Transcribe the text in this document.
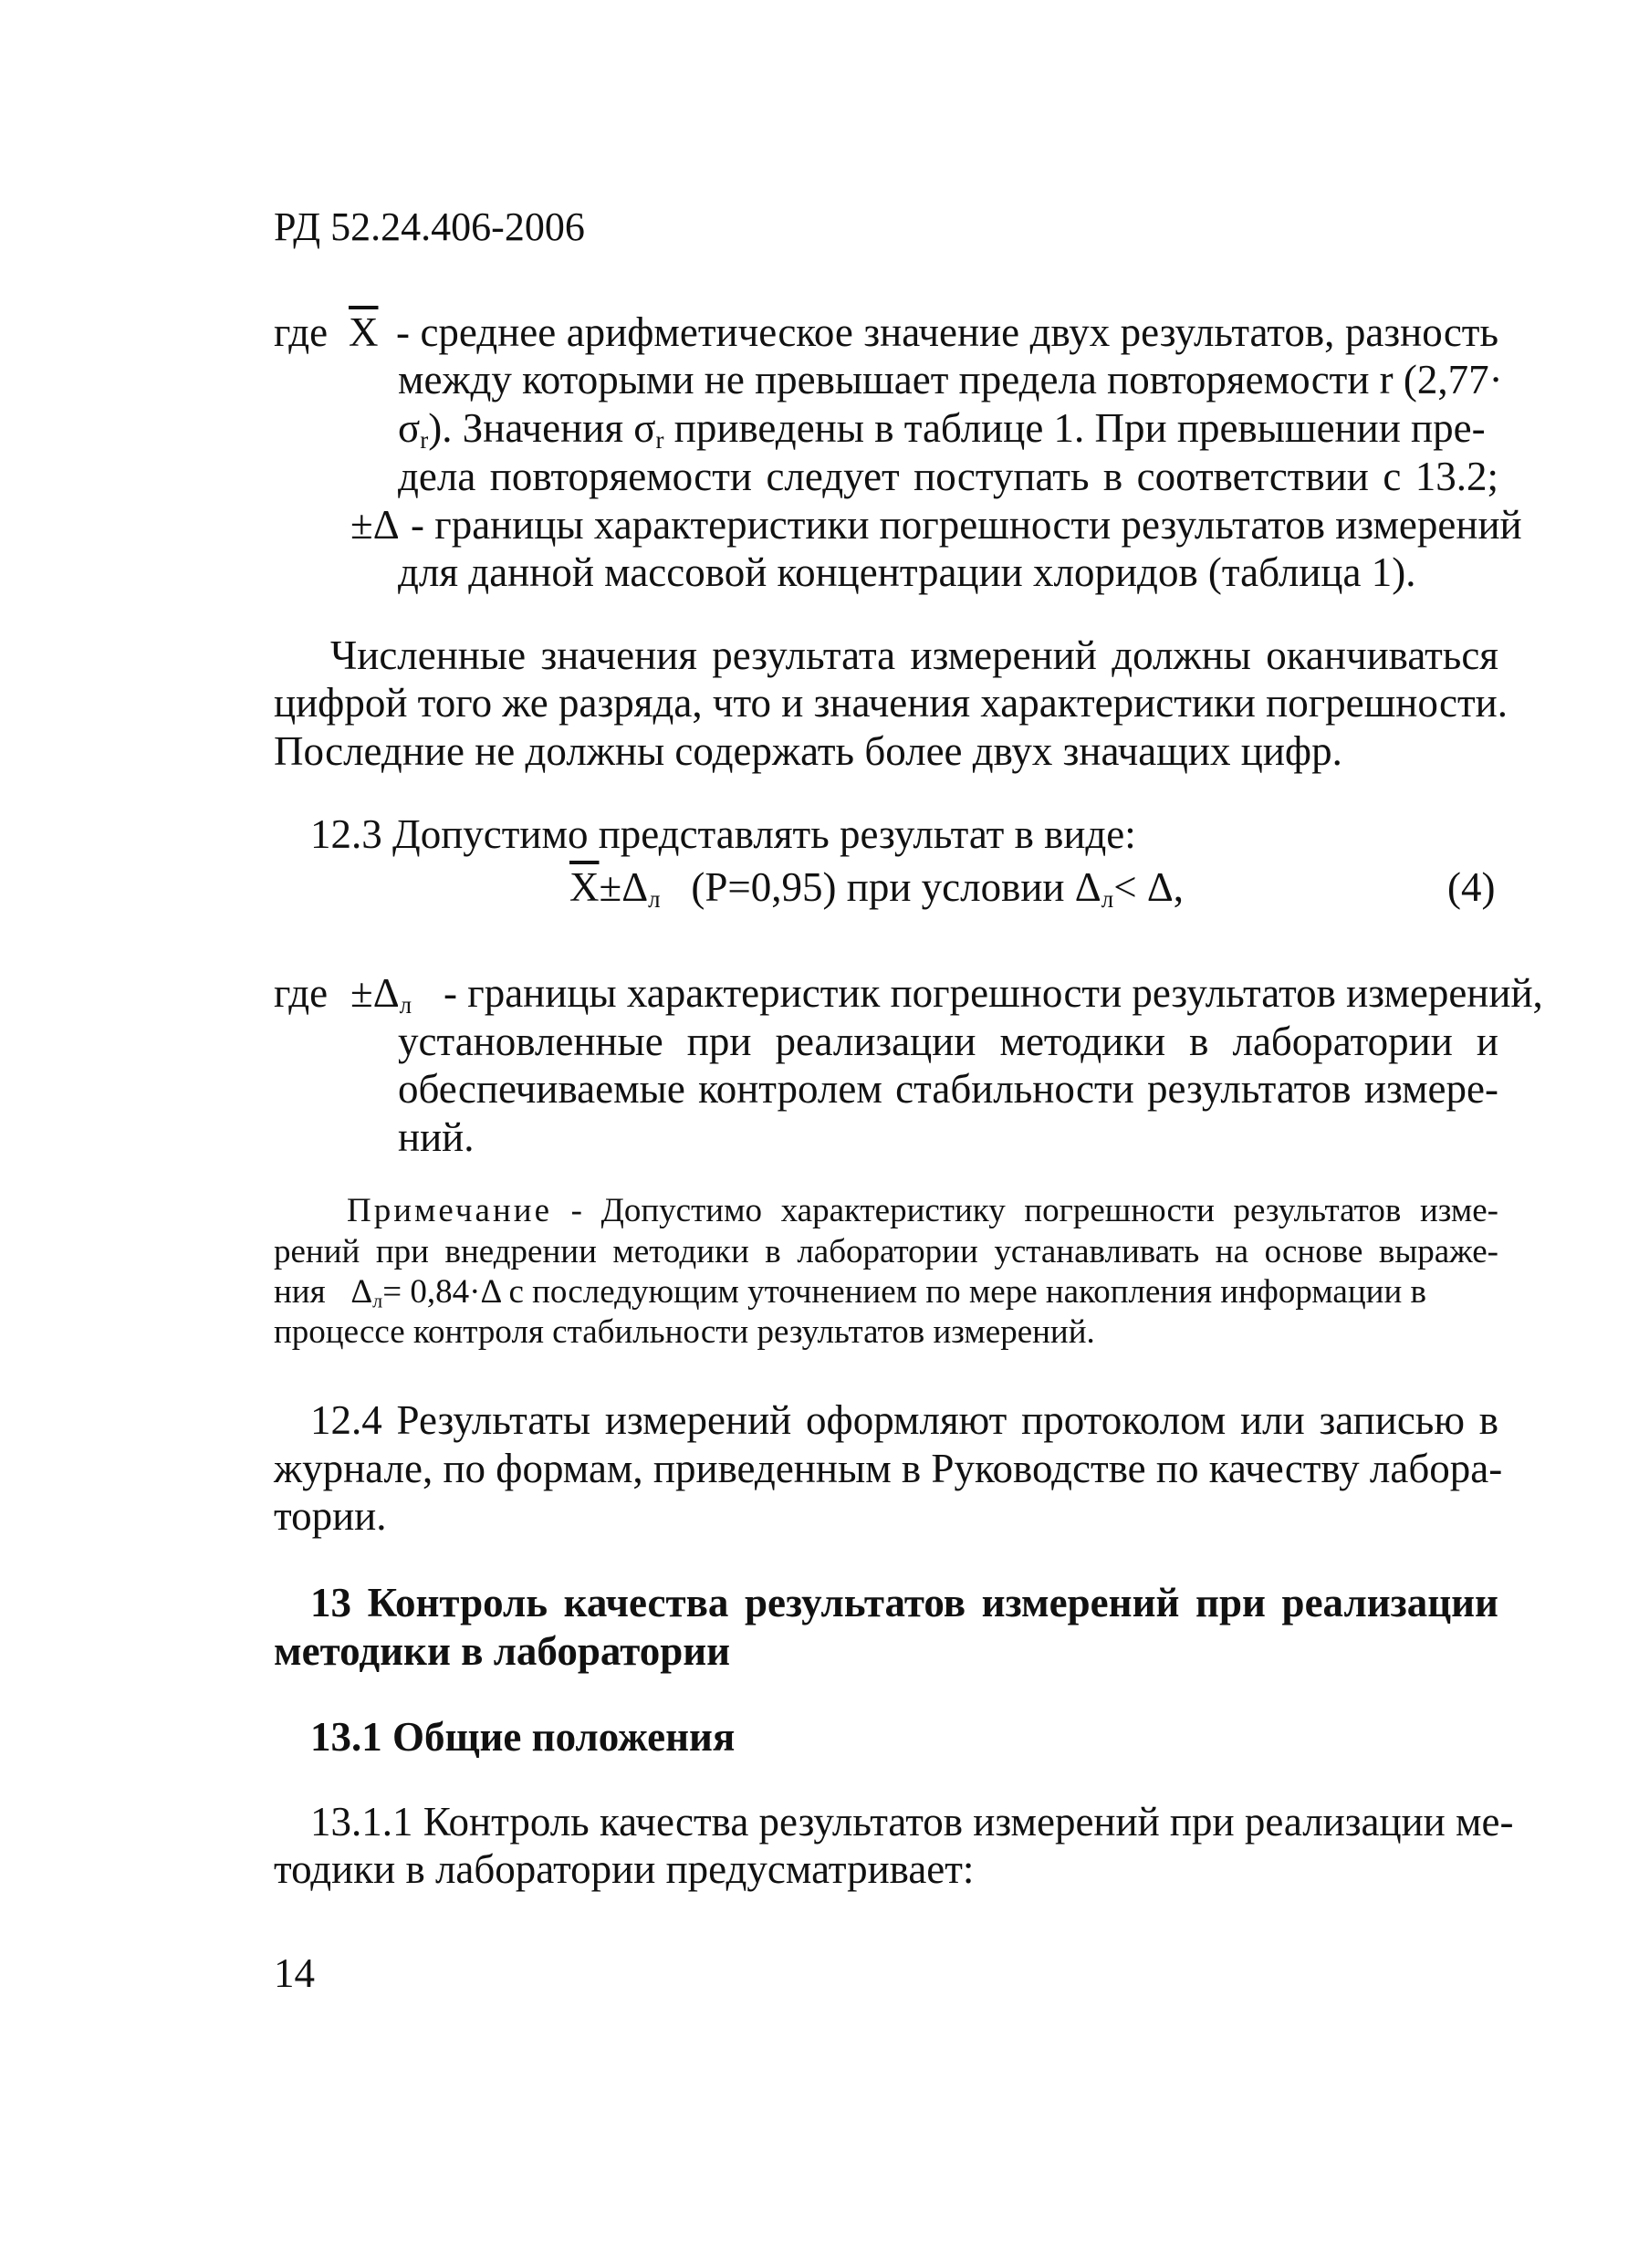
РД 52.24.406-2006
где $\overline{X}$ - среднее арифметическое значение двух результатов, разность
между которыми не превышает предела повторяемости r (2,77·
$\sigma_r$). Значения $\sigma_r$ приведены в таблице 1. При превышении пре-
дела повторяемости следует поступать в соответствии с 13.2;
±Δ - границы характеристики погрешности результатов измерений
для данной массовой концентрации хлоридов (таблица 1).
Численные значения результата измерений должны оканчиваться
цифрой того же разряда, что и значения характеристики погрешности.
Последние не должны содержать более двух значащих цифр.
12.3 Допустимо представлять результат в виде:
$\overline{X}\pm\Delta_л$ (P=0,95) при условии $\Delta_л< \Delta$,	(4)
где $\pm\Delta_л$ - границы характеристик погрешности результатов измерений,
установленные при реализации методики в лаборатории и
обеспечиваемые контролем стабильности результатов измере-
ний.
Примечание - Допустимо характеристику погрешности результатов изме-
рений при внедрении методики в лаборатории устанавливать на основе выраже-
ния $\Delta_л= 0,84\cdot\Delta$ с последующим уточнением по мере накопления информации в
процессе контроля стабильности результатов измерений.
12.4 Результаты измерений оформляют протоколом или записью в
журнале, по формам, приведенным в Руководстве по качеству лабора-
тории.
13 Контроль качества результатов измерений при реализации
методики в лаборатории
13.1 Общие положения
13.1.1 Контроль качества результатов измерений при реализации ме-
тодики в лаборатории предусматривает:
14
